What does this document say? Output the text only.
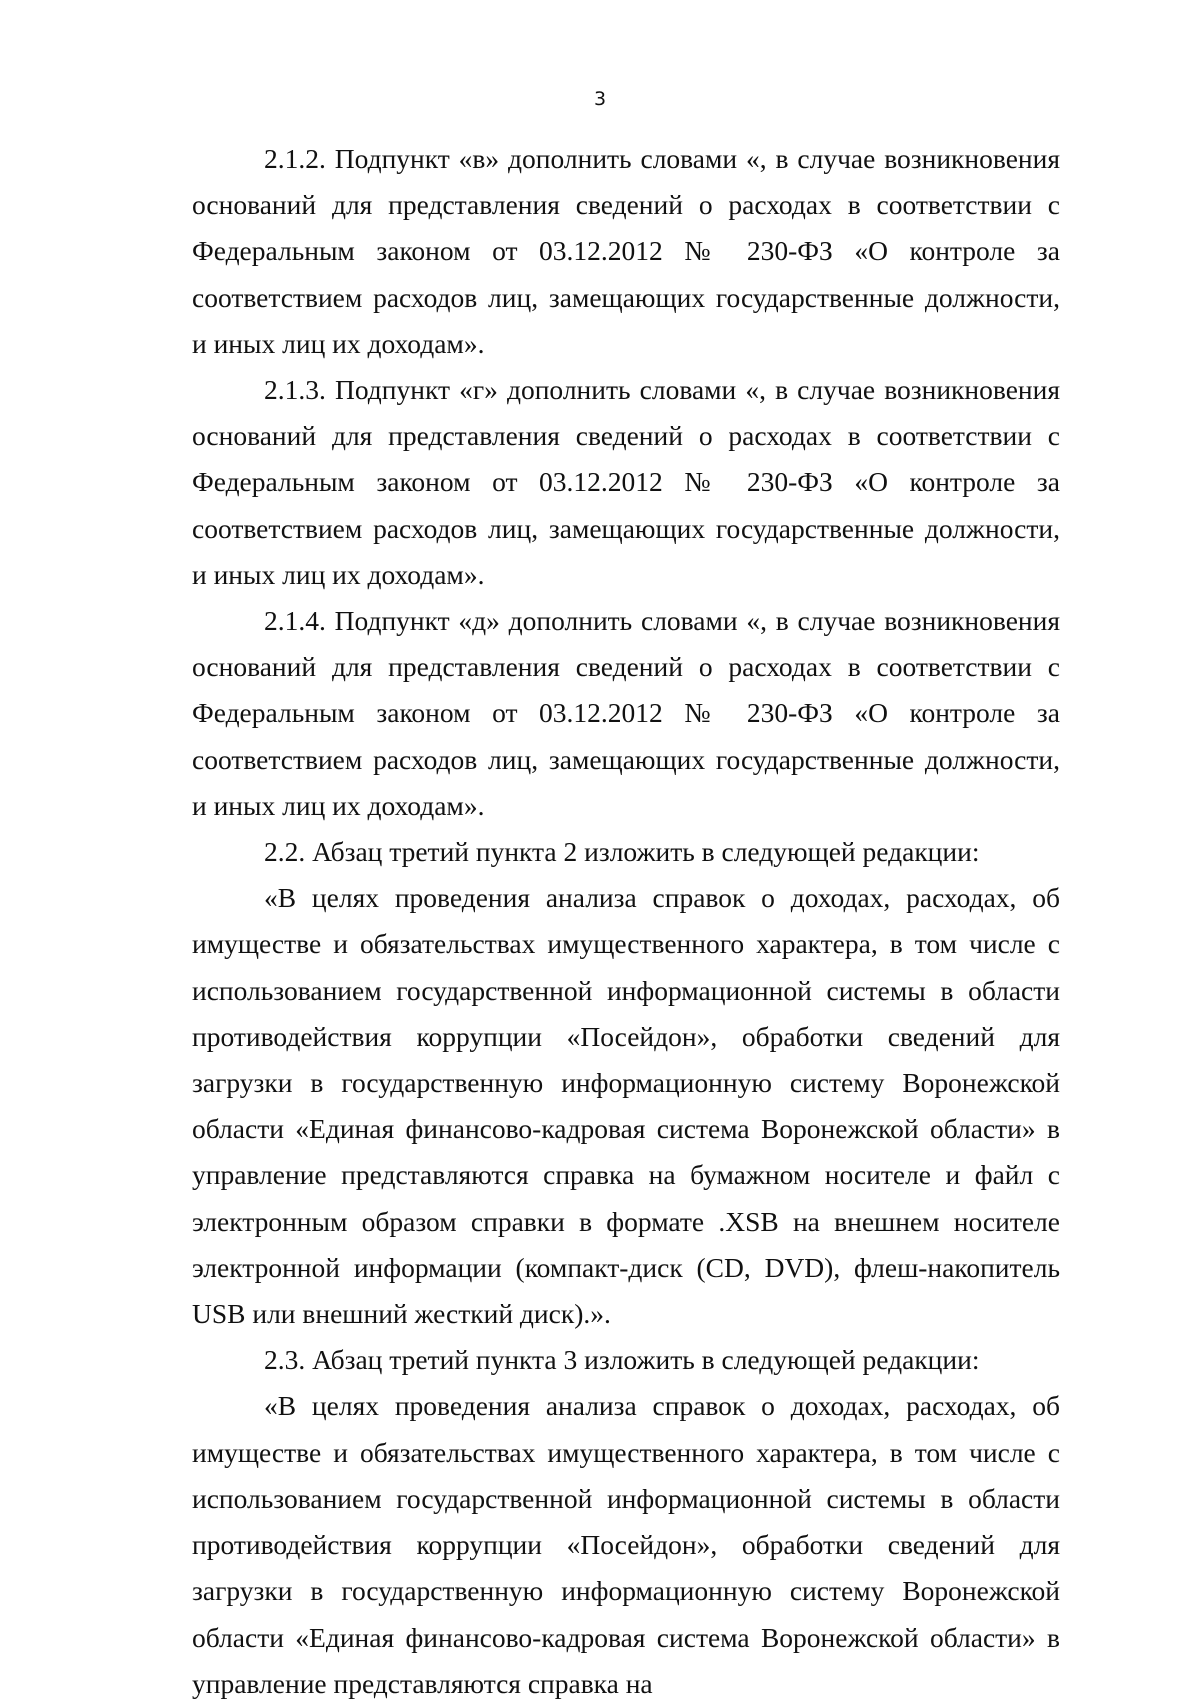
3

2.1.2. Подпункт «в» дополнить словами «, в случае возникновения оснований для представления сведений о расходах в соответствии с Федеральным законом от 03.12.2012 № 230-ФЗ «О контроле за соответствием расходов лиц, замещающих государственные должности, и иных лиц их доходам».

2.1.3. Подпункт «г» дополнить словами «, в случае возникновения оснований для представления сведений о расходах в соответствии с Федеральным законом от 03.12.2012 № 230-ФЗ «О контроле за соответствием расходов лиц, замещающих государственные должности, и иных лиц их доходам».

2.1.4. Подпункт «д» дополнить словами «, в случае возникновения оснований для представления сведений о расходах в соответствии с Федеральным законом от 03.12.2012 № 230-ФЗ «О контроле за соответствием расходов лиц, замещающих государственные должности, и иных лиц их доходам».

2.2. Абзац третий пункта 2 изложить в следующей редакции:

«В целях проведения анализа справок о доходах, расходах, об имуществе и обязательствах имущественного характера, в том числе с использованием государственной информационной системы в области противодействия коррупции «Посейдон», обработки сведений для загрузки в государственную информационную систему Воронежской области «Единая финансово-кадровая система Воронежской области» в управление представляются справка на бумажном носителе и файл с электронным образом справки в формате .XSB на внешнем носителе электронной информации (компакт-диск (CD, DVD), флеш-накопитель USB или внешний жесткий диск).».

2.3. Абзац третий пункта 3 изложить в следующей редакции:

«В целях проведения анализа справок о доходах, расходах, об имуществе и обязательствах имущественного характера, в том числе с использованием государственной информационной системы в области противодействия коррупции «Посейдон», обработки сведений для загрузки в государственную информационную систему Воронежской области «Единая финансово-кадровая система Воронежской области» в управление представляются справка на
